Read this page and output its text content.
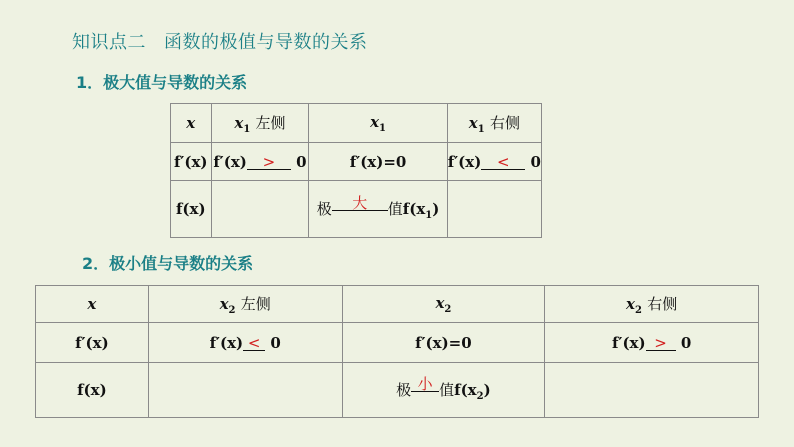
知识点二 函数的极值与导数的关系
1．极大值与导数的关系
x	$x_1$ 左侧	$x_1$	$x_1$ 右侧
f′(x)	f′(x) > 0	f′(x)=0	f′(x) < 0
f(x)		极 大 值$f(x_1)$	
2．极小值与导数的关系
x	$x_2$ 左侧	$x_2$	$x_2$ 右侧
f′(x)	f′(x) < 0	f′(x)=0	f′(x) > 0
f(x)		极 小 值$f(x_2)$	
